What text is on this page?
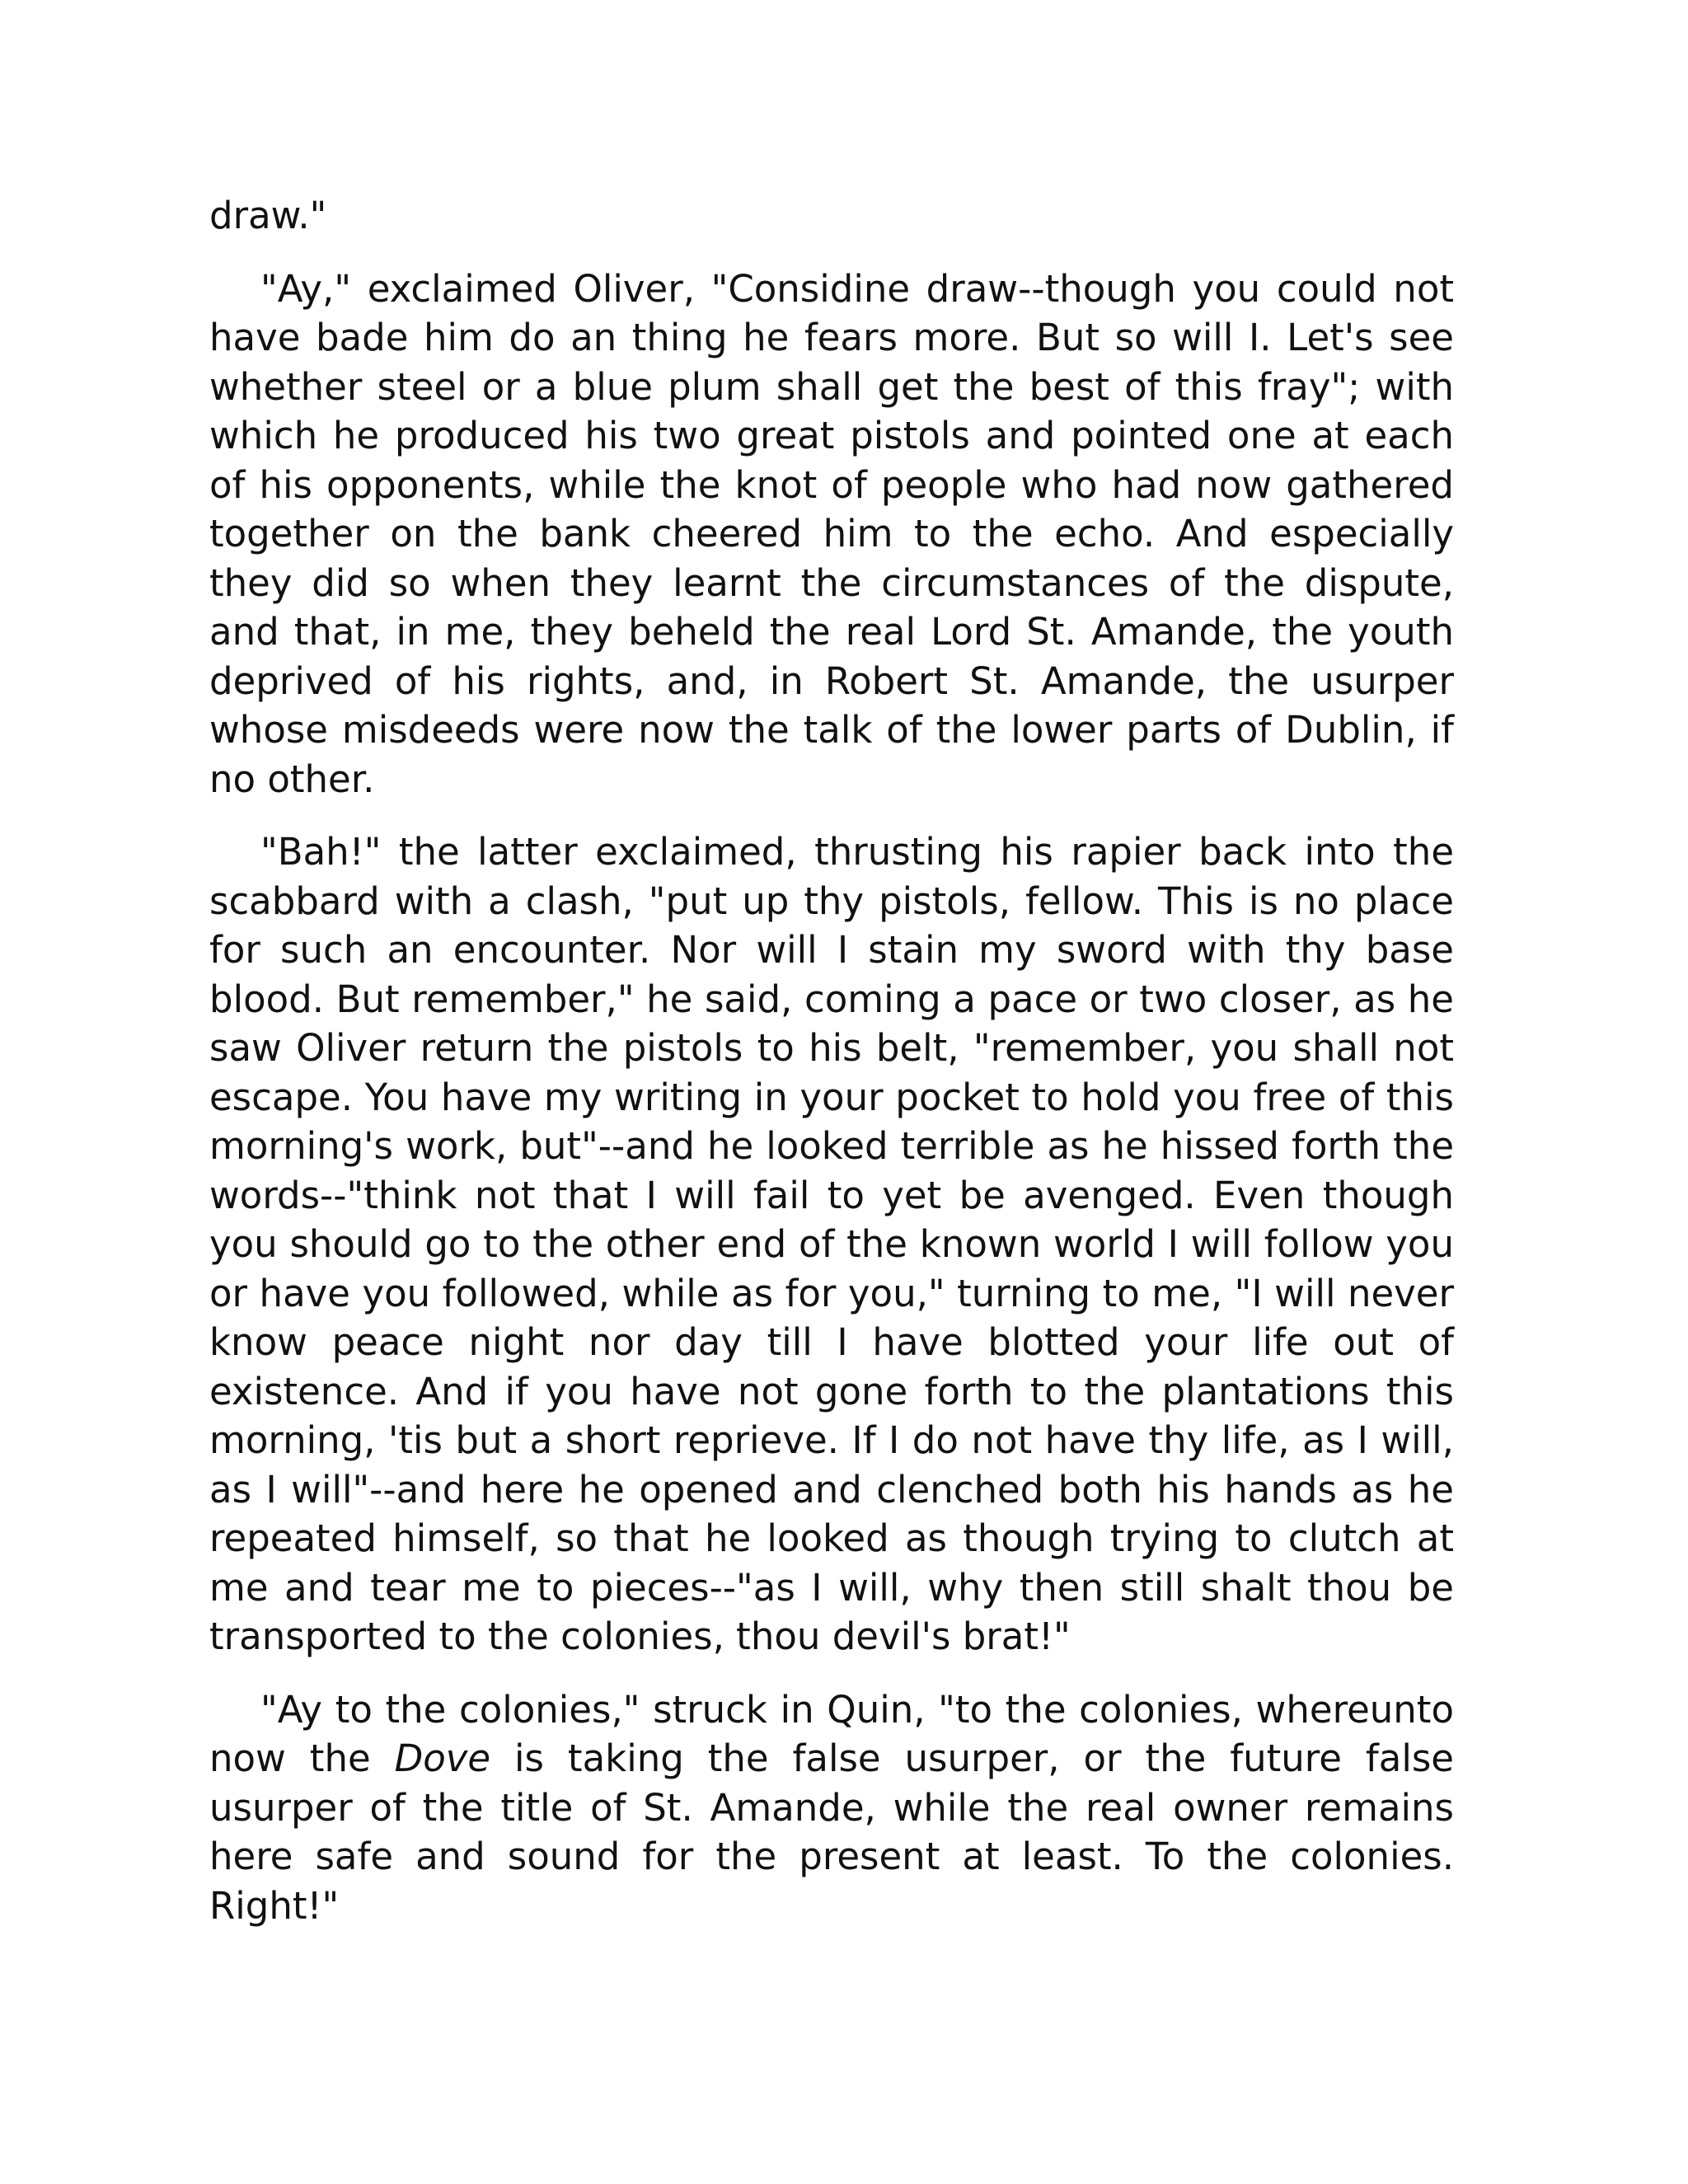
draw."

"Ay," exclaimed Oliver, "Considine draw--though you could not have bade him do an thing he fears more. But so will I. Let's see whether steel or a blue plum shall get the best of this fray"; with which he produced his two great pistols and pointed one at each of his opponents, while the knot of people who had now gathered together on the bank cheered him to the echo. And especially they did so when they learnt the circumstances of the dispute, and that, in me, they beheld the real Lord St. Amande, the youth deprived of his rights, and, in Robert St. Amande, the usurper whose misdeeds were now the talk of the lower parts of Dublin, if no other.

"Bah!" the latter exclaimed, thrusting his rapier back into the scabbard with a clash, "put up thy pistols, fellow. This is no place for such an encounter. Nor will I stain my sword with thy base blood. But remember," he said, coming a pace or two closer, as he saw Oliver return the pistols to his belt, "remember, you shall not escape. You have my writing in your pocket to hold you free of this morning's work, but"--and he looked terrible as he hissed forth the words--"think not that I will fail to yet be avenged. Even though you should go to the other end of the known world I will follow you or have you followed, while as for you," turning to me, "I will never know peace night nor day till I have blotted your life out of existence. And if you have not gone forth to the plantations this morning, 'tis but a short reprieve. If I do not have thy life, as I will, as I will"--and here he opened and clenched both his hands as he repeated himself, so that he looked as though trying to clutch at me and tear me to pieces--"as I will, why then still shalt thou be transported to the colonies, thou devil's brat!"

"Ay to the colonies," struck in Quin, "to the colonies, whereunto now the Dove is taking the false usurper, or the future false usurper of the title of St. Amande, while the real owner remains here safe and sound for the present at least. To the colonies. Right!"
